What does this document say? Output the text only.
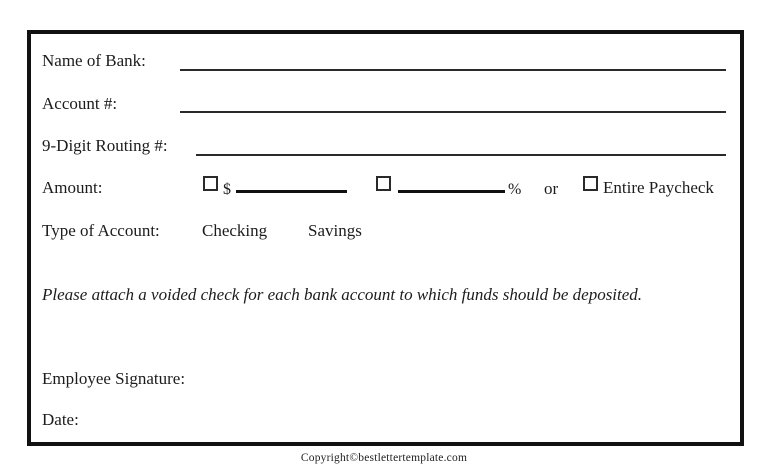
Name of Bank:
Account #:
9-Digit Routing #:
Amount:	$	% or	Entire Paycheck
Type of Account: Checking Savings
Please attach a voided check for each bank account to which funds should be deposited.
Employee Signature:
Date:
Copyright©bestlettertemplate.com
